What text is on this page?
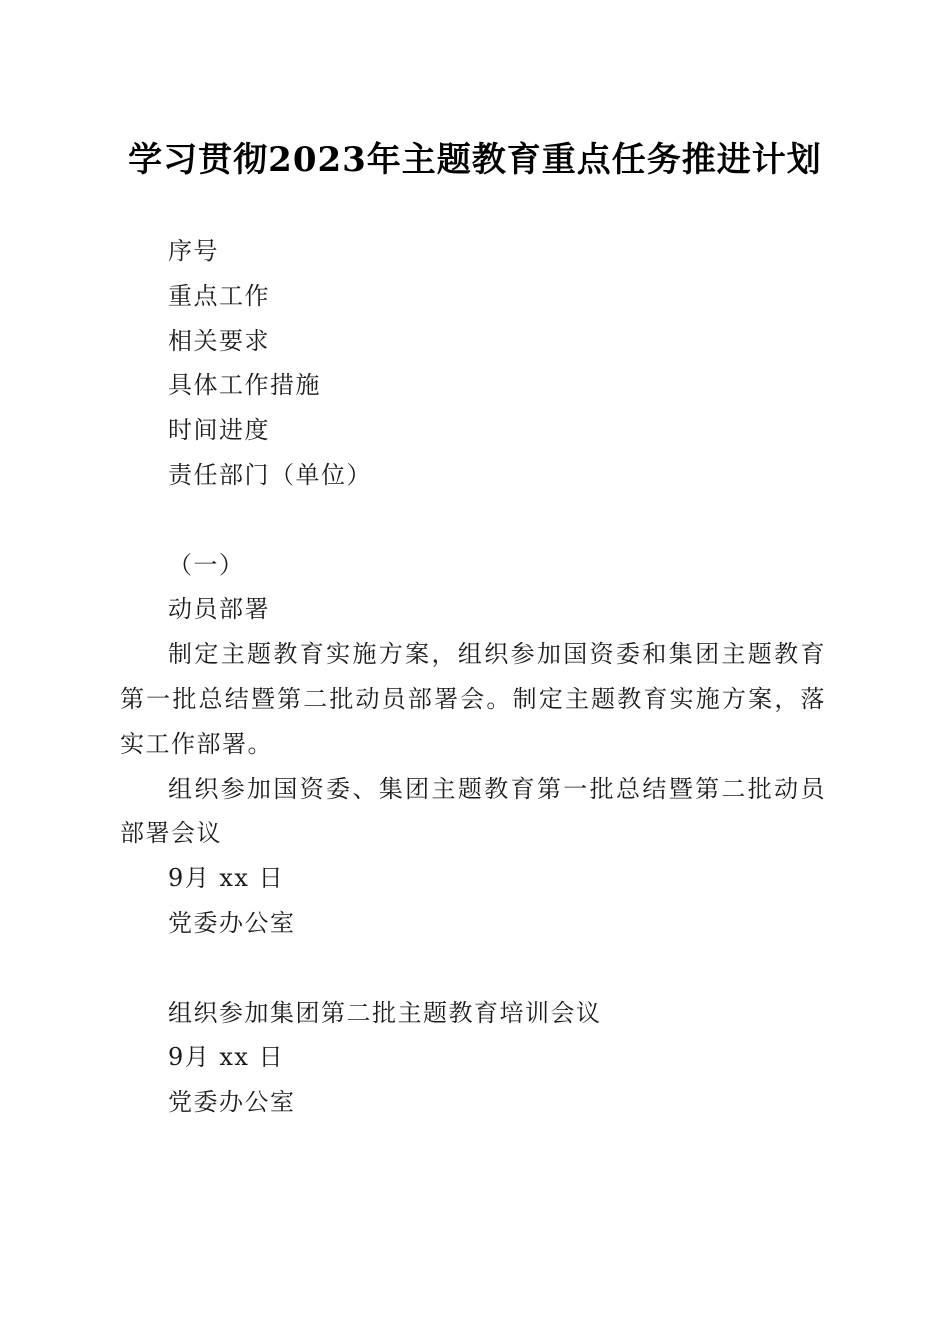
学习贯彻2023年主题教育重点任务推进计划

序号

重点工作

相关要求

具体工作措施

时间进度

责任部门（单位）

（一）

动员部署

制定主题教育实施方案，组织参加国资委和集团主题教育第一批总结暨第二批动员部署会。制定主题教育实施方案，落实工作部署。

组织参加国资委、集团主题教育第一批总结暨第二批动员部署会议

9月 xx 日

党委办公室

组织参加集团第二批主题教育培训会议

9月 xx 日

党委办公室
